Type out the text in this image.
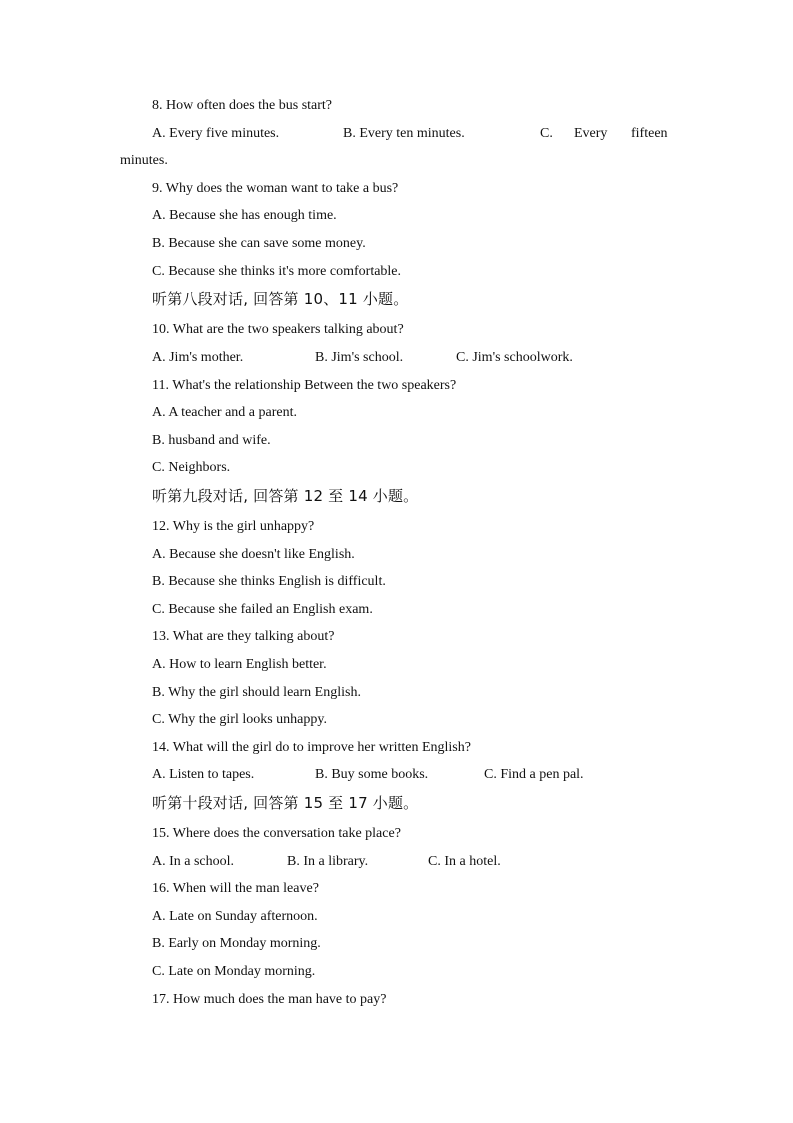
8. How often does the bus start?
A. Every five minutes.	B. Every ten minutes.	C. Every fifteen
minutes.
9. Why does the woman want to take a bus?
A. Because she has enough time.
B. Because she can save some money.
C. Because she thinks it's more comfortable.
听第八段对话, 回答第 10、11 小题。
10. What are the two speakers talking about?
A. Jim's mother.	B. Jim's school.	C. Jim's schoolwork.
11. What's the relationship Between the two speakers?
A. A teacher and a parent.
B. husband and wife.
C. Neighbors.
听第九段对话, 回答第 12 至 14 小题。
12. Why is the girl unhappy?
A. Because she doesn't like English.
B. Because she thinks English is difficult.
C. Because she failed an English exam.
13. What are they talking about?
A. How to learn English better.
B. Why the girl should learn English.
C. Why the girl looks unhappy.
14. What will the girl do to improve her written English?
A. Listen to tapes.	B. Buy some books.	C. Find a pen pal.
听第十段对话, 回答第 15 至 17 小题。
15. Where does the conversation take place?
A. In a school.	B. In a library.	C. In a hotel.
16. When will the man leave?
A. Late on Sunday afternoon.
B. Early on Monday morning.
C. Late on Monday morning.
17. How much does the man have to pay?
